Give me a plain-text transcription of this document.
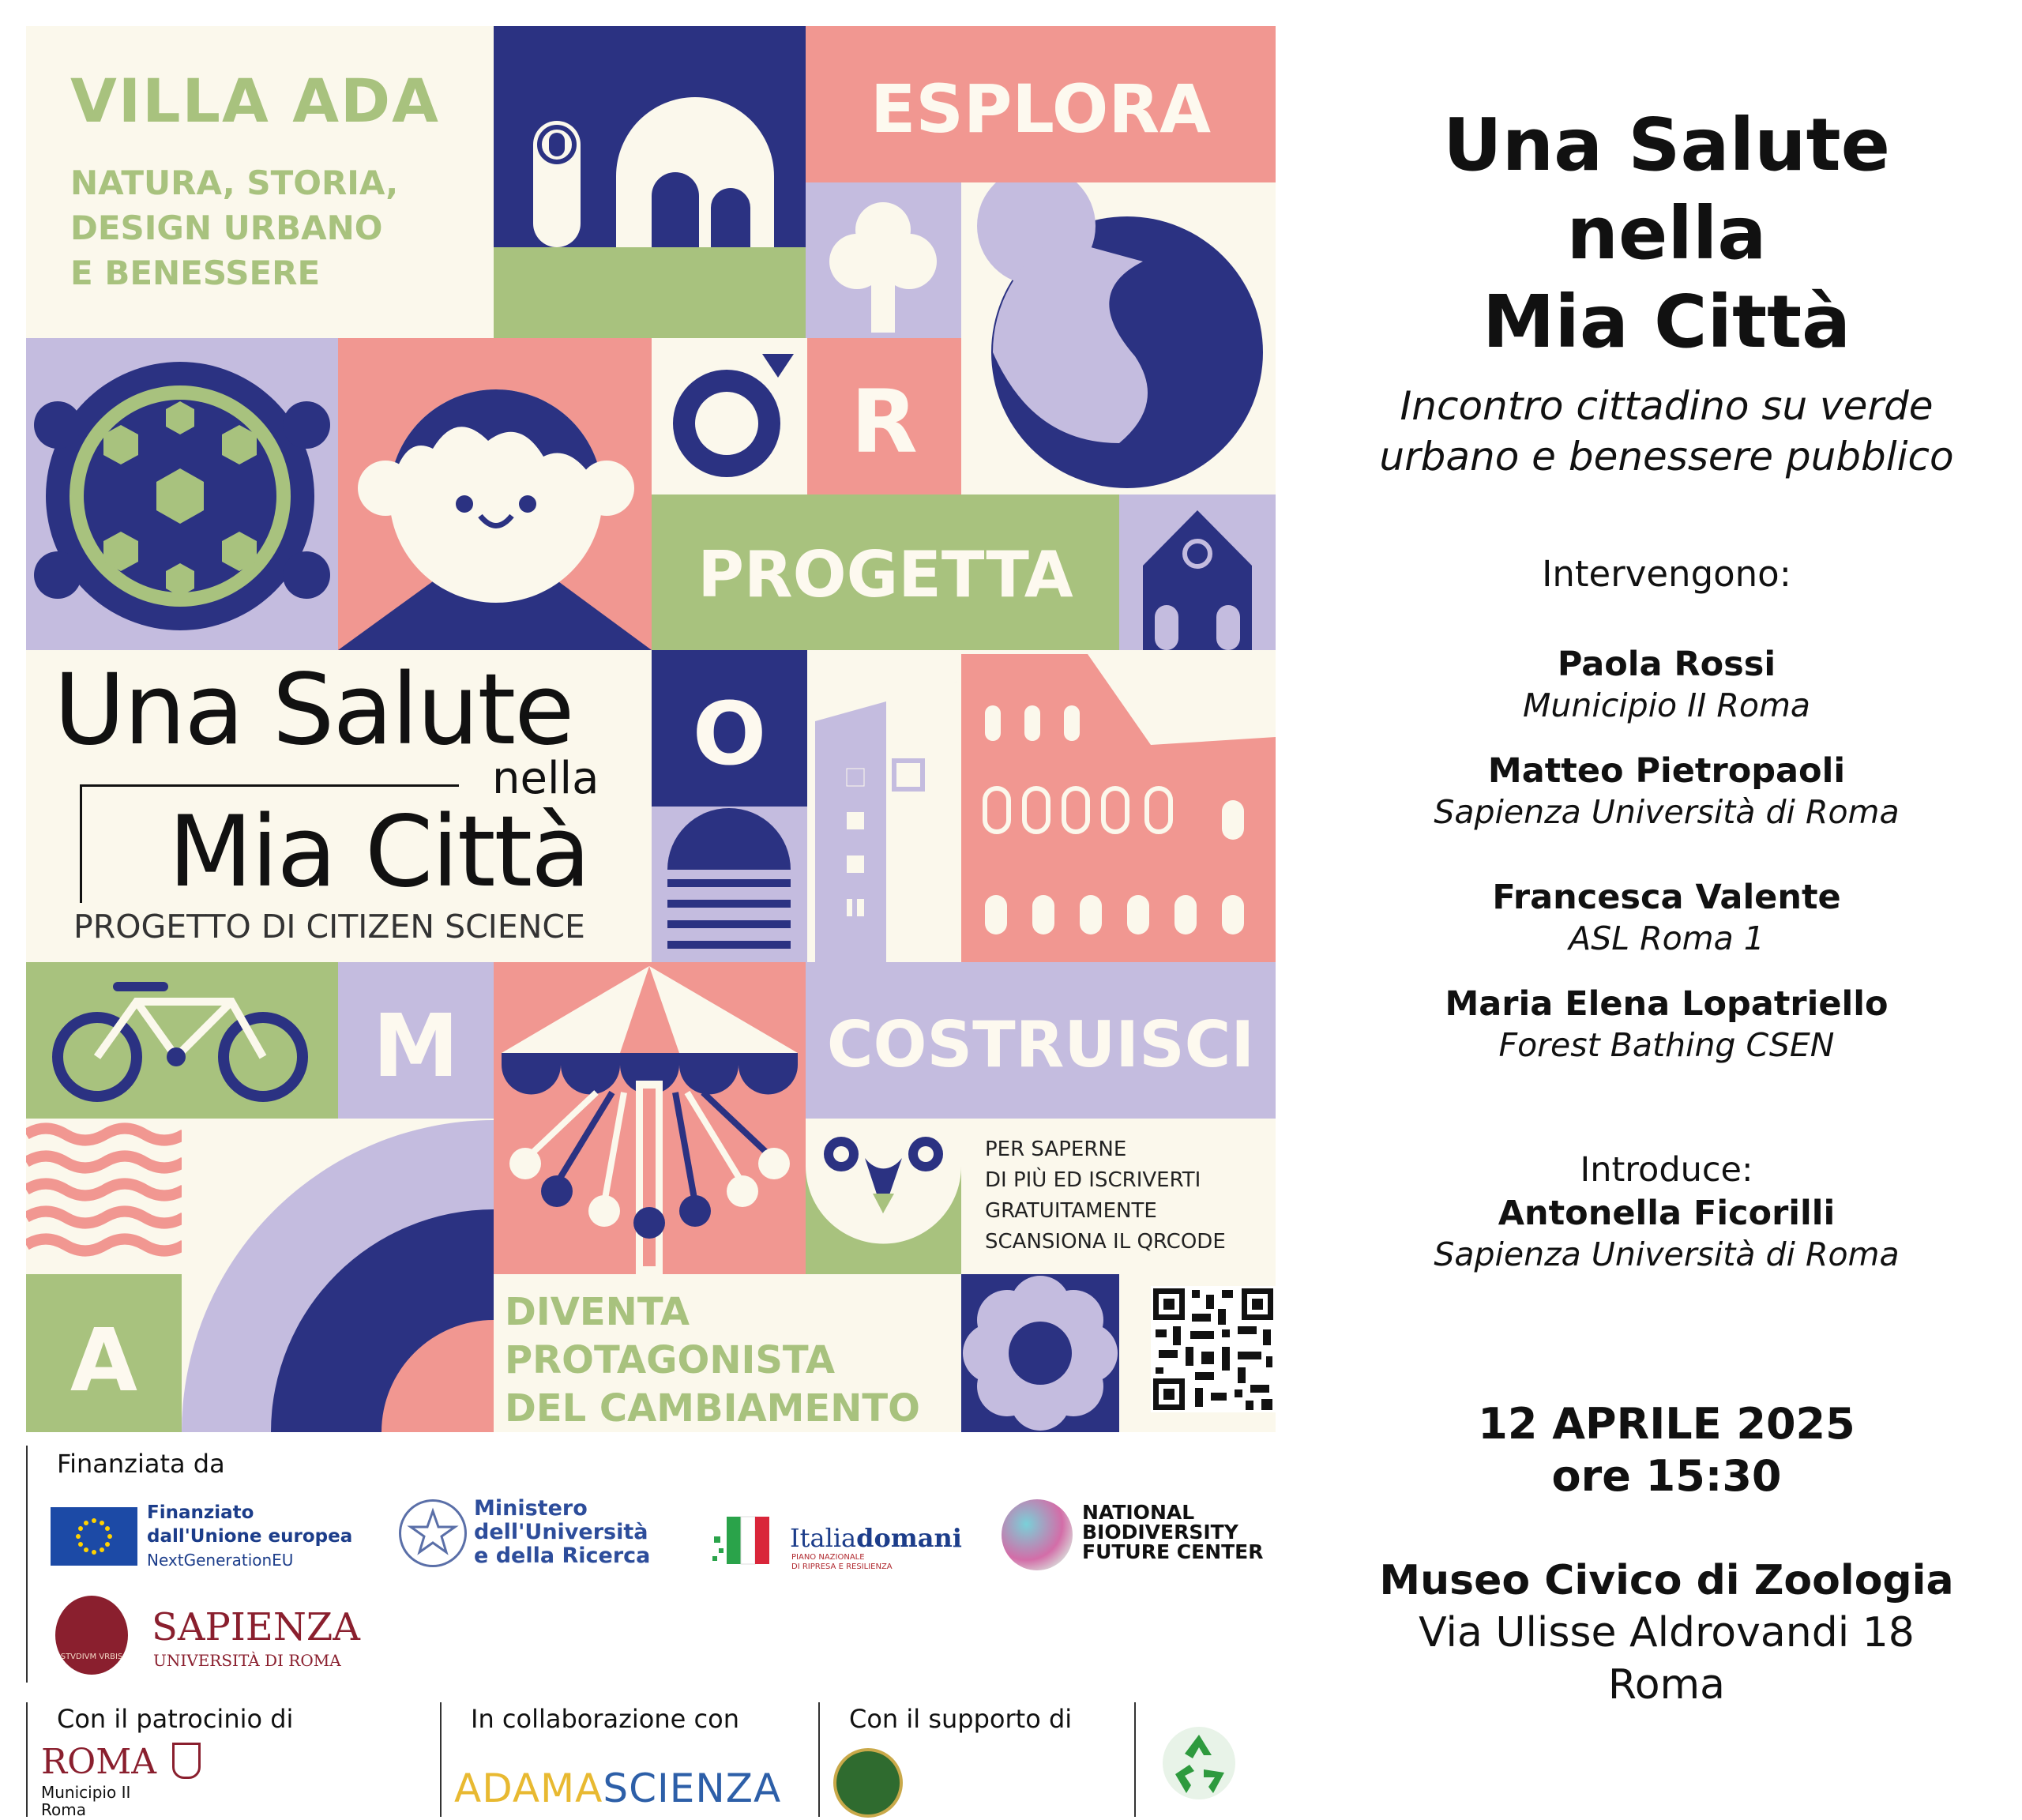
VILLA ADA
NATURA, STORIA,
DESIGN URBANO
E BENESSERE
ESPLORA
R
PROGETTA
Una Salute
nella
Mia Città
PROGETTO DI CITIZEN SCIENCE
O
M	COSTRUISCI
A
PER SAPERNE
DI PIÙ ED ISCRIVERTI
GRATUITAMENTE
SCANSIONA IL QRCODE
DIVENTA
PROTAGONISTA
DEL CAMBIAMENTO
Finanziata da
Finanziato
dall'Unione europea
NextGenerationEU
Ministero
dell'Università
e della Ricerca
Italiadomani
PIANO NAZIONALE
DI RIPRESA E RESILIENZA
NATIONAL
BIODIVERSITY
FUTURE CENTER
STVDIVM VRBIS
SAPIENZA
UNIVERSITÀ DI ROMA
Con il patrocinio di
ROMA
Municipio II
Roma
In collaborazione con
ADAMASCIENZA
Con il supporto di
Una Salute
nella
Mia Città
Incontro cittadino su verde
urbano e benessere pubblico
Intervengono:
Paola Rossi
Municipio II Roma
Matteo Pietropaoli
Sapienza Università di Roma
Francesca Valente
ASL Roma 1
Maria Elena Lopatriello
Forest Bathing CSEN
Introduce:
Antonella Ficorilli
Sapienza Università di Roma
12 APRILE 2025
ore 15:30
Museo Civico di Zoologia
Via Ulisse Aldrovandi 18
Roma
